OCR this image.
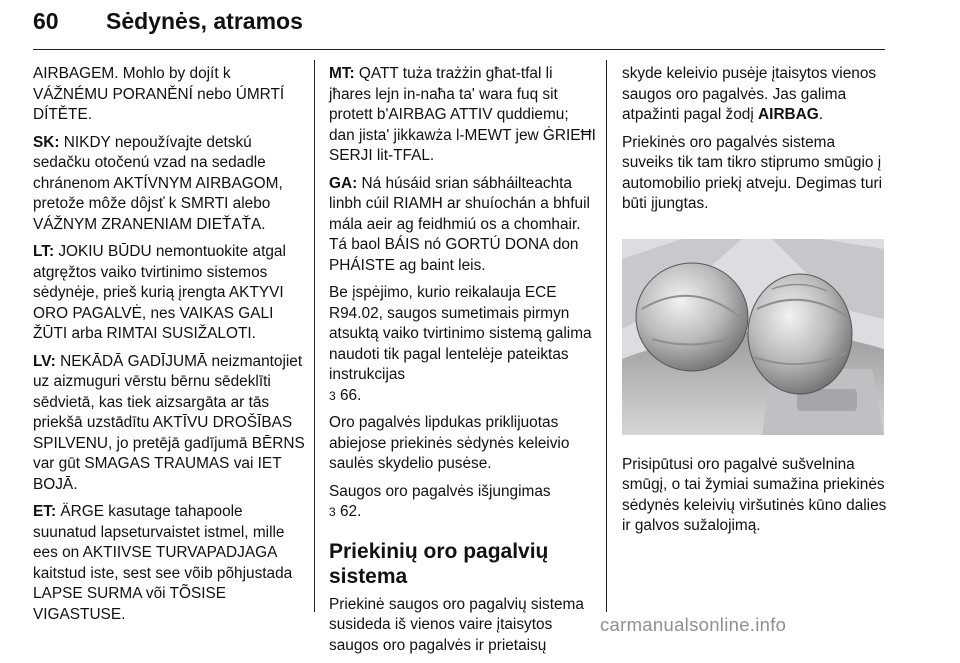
60 Sėdynės, atramos

AIRBAGEM. Mohlo by dojít k VÁŽNÉMU PORANĚNÍ nebo ÚMRTÍ DÍTĚTE.

SK: NIKDY nepoužívajte detskú sedačku otočenú vzad na sedadle chránenom AKTÍVNYM AIRBAGOM, pretože môže dôjsť k SMRTI alebo VÁŽNYM ZRANENIAM DIEŤAŤA.

LT: JOKIU BŪDU nemontuokite atgal atgręžtos vaiko tvirtinimo sistemos sėdynėje, prieš kurią įrengta AKTYVI ORO PAGALVĖ, nes VAIKAS GALI ŽŪTI arba RIMTAI SUSIŽALOTI.

LV: NEKĀDĀ GADĪJUMĀ neizmantojiet uz aizmuguri vērstu bērnu sēdeklīti sēdvietā, kas tiek aizsargāta ar tās priekšā uzstādītu AKTĪVU DROŠĪBAS SPILVENU, jo pretējā gadījumā BĒRNS var gūt SMAGAS TRAUMAS vai IET BOJĀ.

ET: ÄRGE kasutage tahapoole suunatud lapseturvaistet istmel, mille ees on AKTIIVSE TURVAPADJAGA kaitstud iste, sest see võib põhjustada LAPSE SURMA või TÕSISE VIGASTUSE.

MT: QATT tuża trażżin għat-tfal li jħares lejn in-naħa ta' wara fuq sit protett b'AIRBAG ATTIV quddiemu; dan jista' jikkawża l-MEWT jew ĠRIEĦI SERJI lit-TFAL.

GA: Ná húsáid srian sábháilteachta linbh cúil RIAMH ar shuíochán a bhfuil mála aeir ag feidhmiú os a chomhair. Tá baol BÁIS nó GORTÚ DONA don PHÁISTE ag baint leis.

Be įspėjimo, kurio reikalauja ECE R94.02, saugos sumetimais pirmyn atsuktą vaiko tvirtinimo sistemą galima naudoti tik pagal lentelėje pateiktas instrukcijas
3 66.

Oro pagalvės lipdukas priklijuotas abiejose priekinės sėdynės keleivio saulės skydelio pusėse.

Saugos oro pagalvės išjungimas
3 62.

Priekinių oro pagalvių sistema

Priekinė saugos oro pagalvių sistema susideda iš vienos vaire įtaisytos saugos oro pagalvės ir prietaisų

skyde keleivio pusėje įtaisytos vienos saugos oro pagalvės. Jas galima atpažinti pagal žodį AIRBAG.

Priekinės oro pagalvės sistema suveiks tik tam tikro stiprumo smūgio į automobilio priekį atveju. Degimas turi būti įjungtas.

Prisipūtusi oro pagalvė sušvelnina smūgį, o tai žymiai sumažina priekinės sėdynės keleivių viršutinės kūno dalies ir galvos sužalojimą.

carmanualsonline.info
